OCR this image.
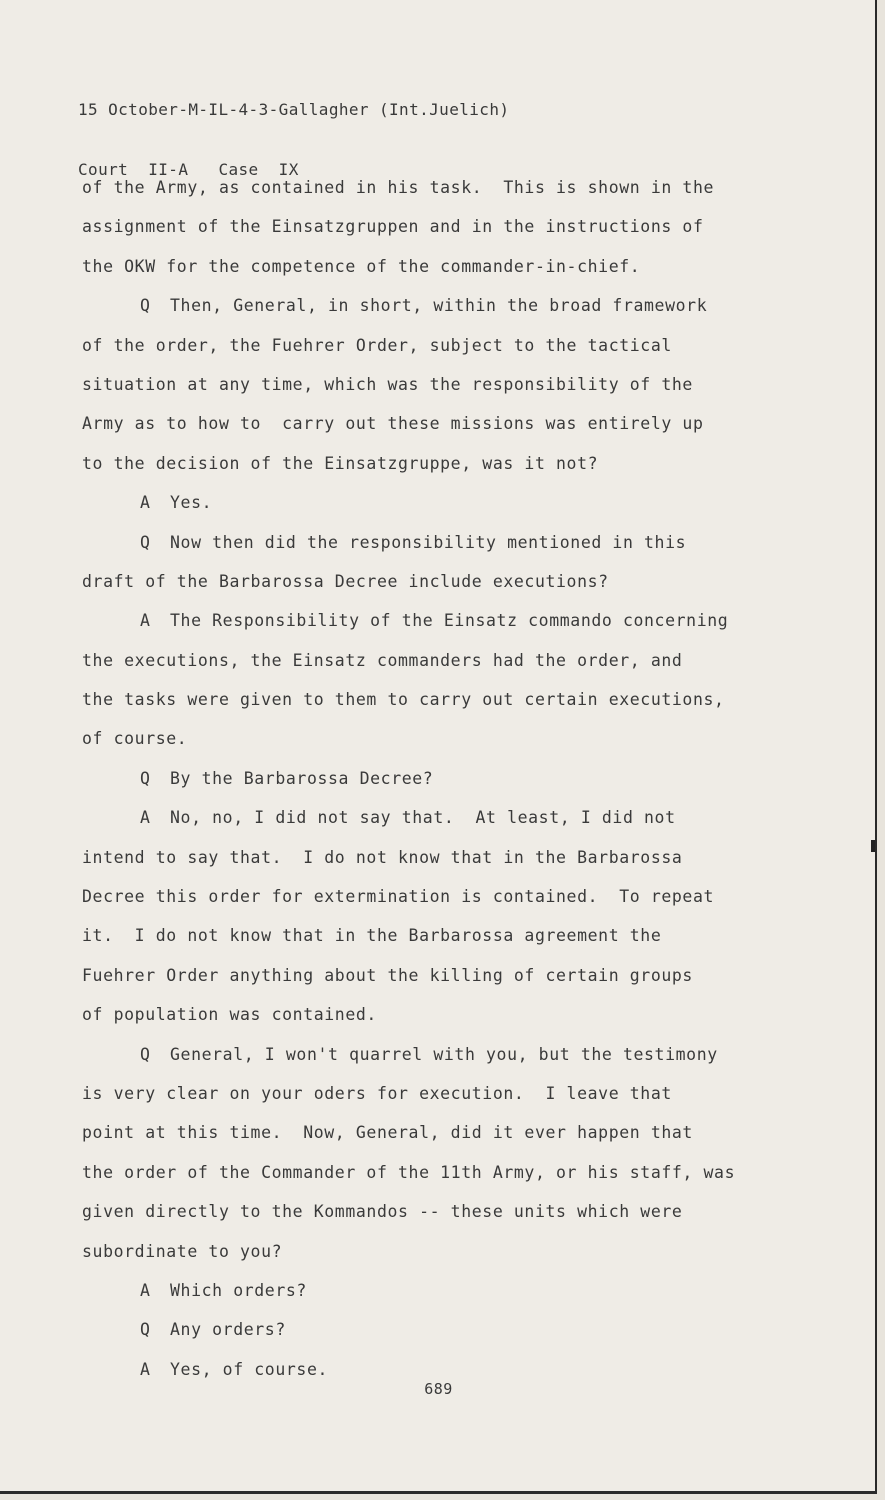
15 October-M-IL-4-3-Gallagher (Int.Juelich)

Court  II-A   Case  IX

of the Army, as contained in his task.  This is shown in the
assignment of the Einsatzgruppen and in the instructions of
the OKW for the competence of the commander-in-chief.
Q Then, General, in short, within the broad framework
of the order, the Fuehrer Order, subject to the tactical
situation at any time, which was the responsibility of the
Army as to how to  carry out these missions was entirely up
to the decision of the Einsatzgruppe, was it not?
A Yes.
Q Now then did the responsibility mentioned in this
draft of the Barbarossa Decree include executions?
A The Responsibility of the Einsatz commando concerning
the executions, the Einsatz commanders had the order, and
the tasks were given to them to carry out certain executions,
of course.
Q By the Barbarossa Decree?
A No, no, I did not say that.  At least, I did not
intend to say that.  I do not know that in the Barbarossa
Decree this order for extermination is contained.  To repeat
it.  I do not know that in the Barbarossa agreement the
Fuehrer Order anything about the killing of certain groups
of population was contained.
Q General, I won't quarrel with you, but the testimony
is very clear on your oders for execution.  I leave that
point at this time.  Now, General, did it ever happen that
the order of the Commander of the 11th Army, or his staff, was
given directly to the Kommandos -- these units which were
subordinate to you?
A Which orders?
Q Any orders?
A Yes, of course.
689
